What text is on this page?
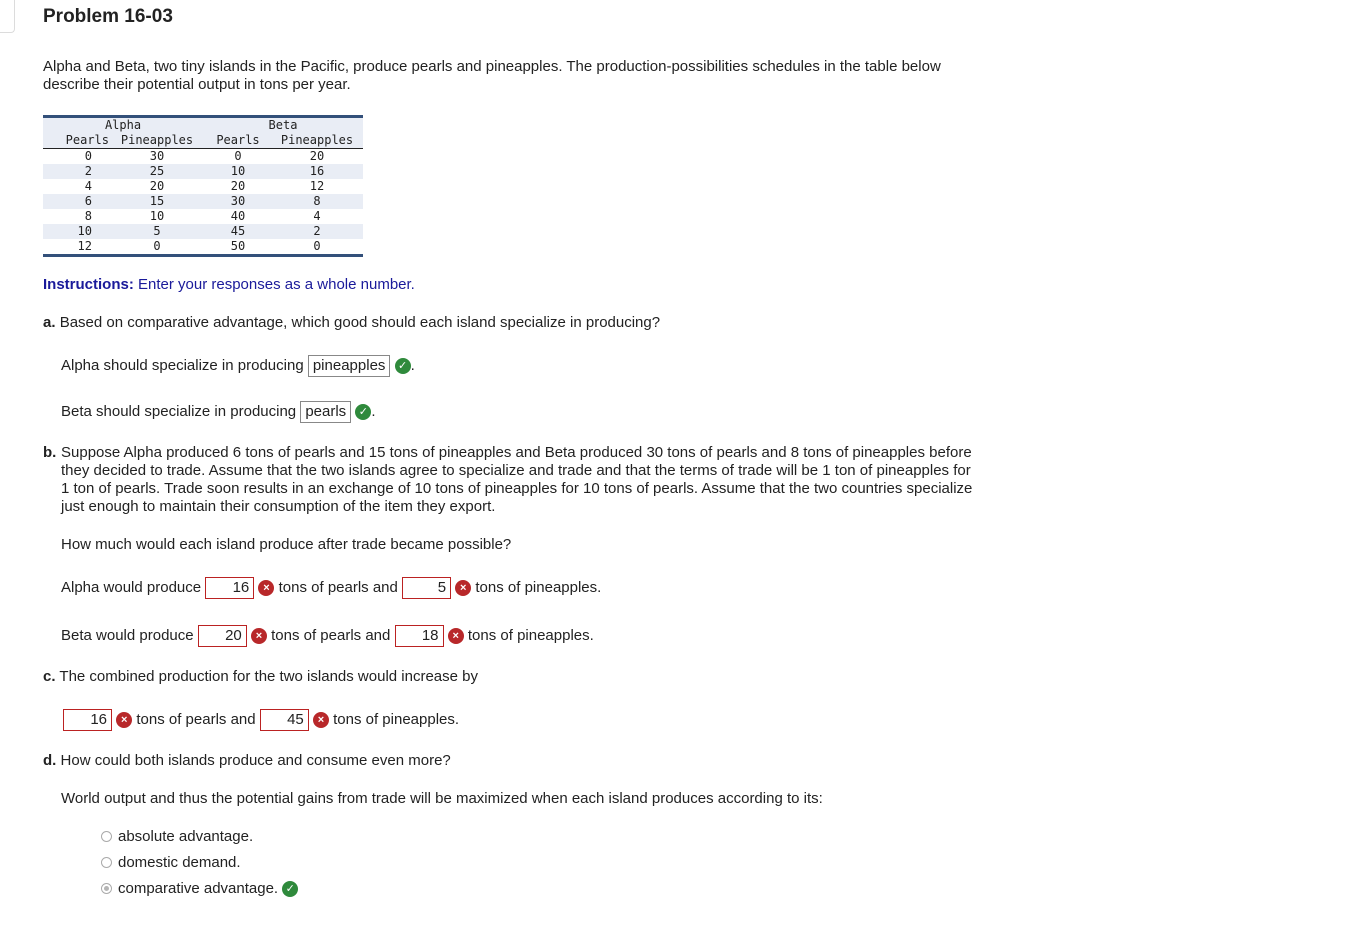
Problem 16-03
Alpha and Beta, two tiny islands in the Pacific, produce pearls and pineapples. The production-possibilities schedules in the table below describe their potential output in tons per year.
Alpha	Beta
Pearls Pineapples	Pearls	Pineapples
0	30	0	20
2	25	10	16
4	20	20	12
6	15	30	8
8	10	40	4
10	5	45	2
12	0	50	0
Instructions: Enter your responses as a whole number.
a. Based on comparative advantage, which good should each island specialize in producing?
Alpha should specialize in producing pineapples ✓ .
Beta should specialize in producing pearls ✓ .
b. Suppose Alpha produced 6 tons of pearls and 15 tons of pineapples and Beta produced 30 tons of pearls and 8 tons of pineapples before they decided to trade. Assume that the two islands agree to specialize and trade and that the terms of trade will be 1 ton of pineapples for 1 ton of pearls. Trade soon results in an exchange of 10 tons of pineapples for 10 tons of pearls. Assume that the two countries specialize just enough to maintain their consumption of the item they export.
How much would each island produce after trade became possible?
Alpha would produce 16 × tons of pearls and	5 × tons of pineapples.
Beta would produce 20 × tons of pearls and 18 × tons of pineapples.
c. The combined production for the two islands would increase by
16 × tons of pearls and 45 × tons of pineapples.
d. How could both islands produce and consume even more?
World output and thus the potential gains from trade will be maximized when each island produces according to its:
absolute advantage.
domestic demand.
comparative advantage. ✓
